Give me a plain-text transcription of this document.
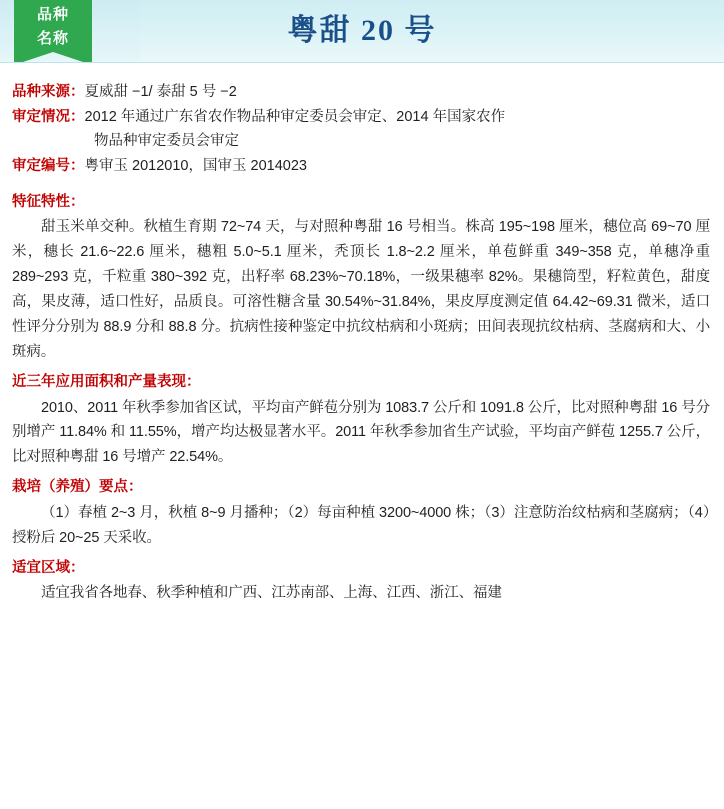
品种
名称	粤甜 20 号
品种来源：夏威甜 −1/ 泰甜 5 号 −2
审定情况：2012 年通过广东省农作物品种审定委员会审定、2014 年国家农作
物品种审定委员会审定
审定编号：粤审玉 2012010，国审玉 2014023
特征特性：

甜玉米单交种。秋植生育期 72~74 天，与对照种粤甜 16 号相当。株高 195~198 厘米，穗位高 69~70 厘米，穗长 21.6~22.6 厘米，穗粗 5.0~5.1 厘米，秃顶长 1.8~2.2 厘米，单苞鲜重 349~358 克，单穗净重 289~293 克，千粒重 380~392 克，出籽率 68.23%~70.18%，一级果穗率 82%。果穗筒型，籽粒黄色，甜度高，果皮薄，适口性好，品质良。可溶性糖含量 30.54%~31.84%，果皮厚度测定值 64.42~69.31 微米，适口性评分分别为 88.9 分和 88.8 分。抗病性接种鉴定中抗纹枯病和小斑病；田间表现抗纹枯病、茎腐病和大、小斑病。

近三年应用面积和产量表现：

2010、2011 年秋季参加省区试，平均亩产鲜苞分别为 1083.7 公斤和 1091.8 公斤，比对照种粤甜 16 号分别增产 11.84% 和 11.55%，增产均达极显著水平。2011 年秋季参加省生产试验，平均亩产鲜苞 1255.7 公斤，比对照种粤甜 16 号增产 22.54%。

栽培（养殖）要点：

（1）春植 2~3 月，秋植 8~9 月播种；（2）每亩种植 3200~4000 株；（3）注意防治纹枯病和茎腐病；（4）授粉后 20~25 天采收。

适宜区域：

适宜我省各地春、秋季种植和广西、江苏南部、上海、江西、浙江、福建
